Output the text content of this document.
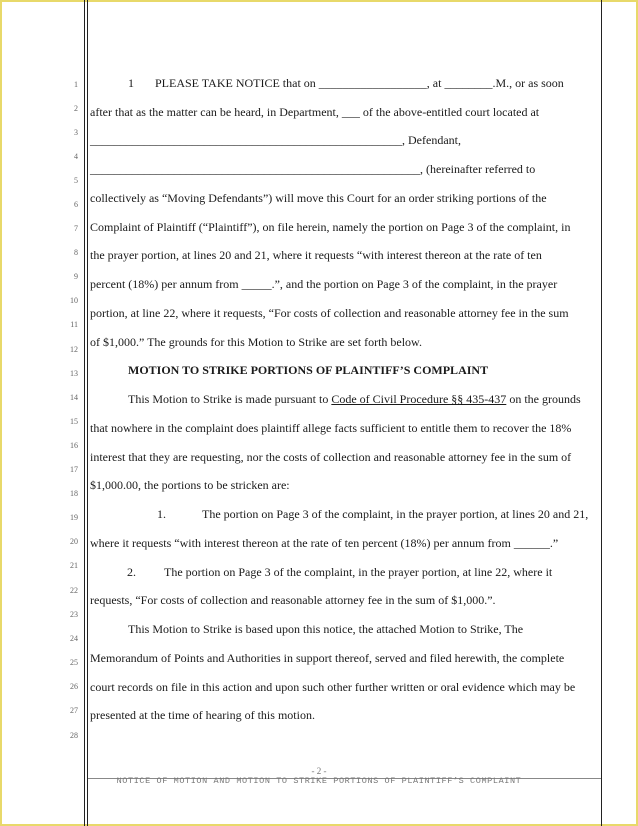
1
2
3
4
5
6
7
8
9
10
11
12
13
14
15
16
17
18
19
20
21
22
23
24
25
26
27
28
1 PLEASE TAKE NOTICE that on __________________, at ________.M., or as soon
after that as the matter can be heard, in Department, ___ of the above-entitled court located at
____________________________________________________, Defendant,
_______________________________________________________, (hereinafter referred to
collectively as “Moving Defendants”) will move this Court for an order striking portions of the
Complaint of Plaintiff (“Plaintiff”), on file herein, namely the portion on Page 3 of the complaint, in
the prayer portion, at lines 20 and 21, where it requests “with interest thereon at the rate of ten
percent (18%) per annum from _____.”, and the portion on Page 3 of the complaint, in the prayer
portion, at line 22, where it requests, “For costs of collection and reasonable attorney fee in the sum
of $1,000.” The grounds for this Motion to Strike are set forth below.
MOTION TO STRIKE PORTIONS OF PLAINTIFF’S COMPLAINT
This Motion to Strike is made pursuant to Code of Civil Procedure §§ 435-437 on the grounds
that nowhere in the complaint does plaintiff allege facts sufficient to entitle them to recover the 18%
interest that they are requesting, nor the costs of collection and reasonable attorney fee in the sum of
$1,000.00, the portions to be stricken are:
1.	The portion on Page 3 of the complaint, in the prayer portion, at lines 20 and 21,
where it requests “with interest thereon at the rate of ten percent (18%) per annum from ______.”
2. The portion on Page 3 of the complaint, in the prayer portion, at line 22, where it
requests, “For costs of collection and reasonable attorney fee in the sum of $1,000.”.
This Motion to Strike is based upon this notice, the attached Motion to Strike, The
Memorandum of Points and Authorities in support thereof, served and filed herewith, the complete
court records on file in this action and upon such other further written or oral evidence which may be
presented at the time of hearing of this motion.
- 2 -
NOTICE OF MOTION AND MOTION TO STRIKE PORTIONS OF PLAINTIFF’S COMPLAINT
